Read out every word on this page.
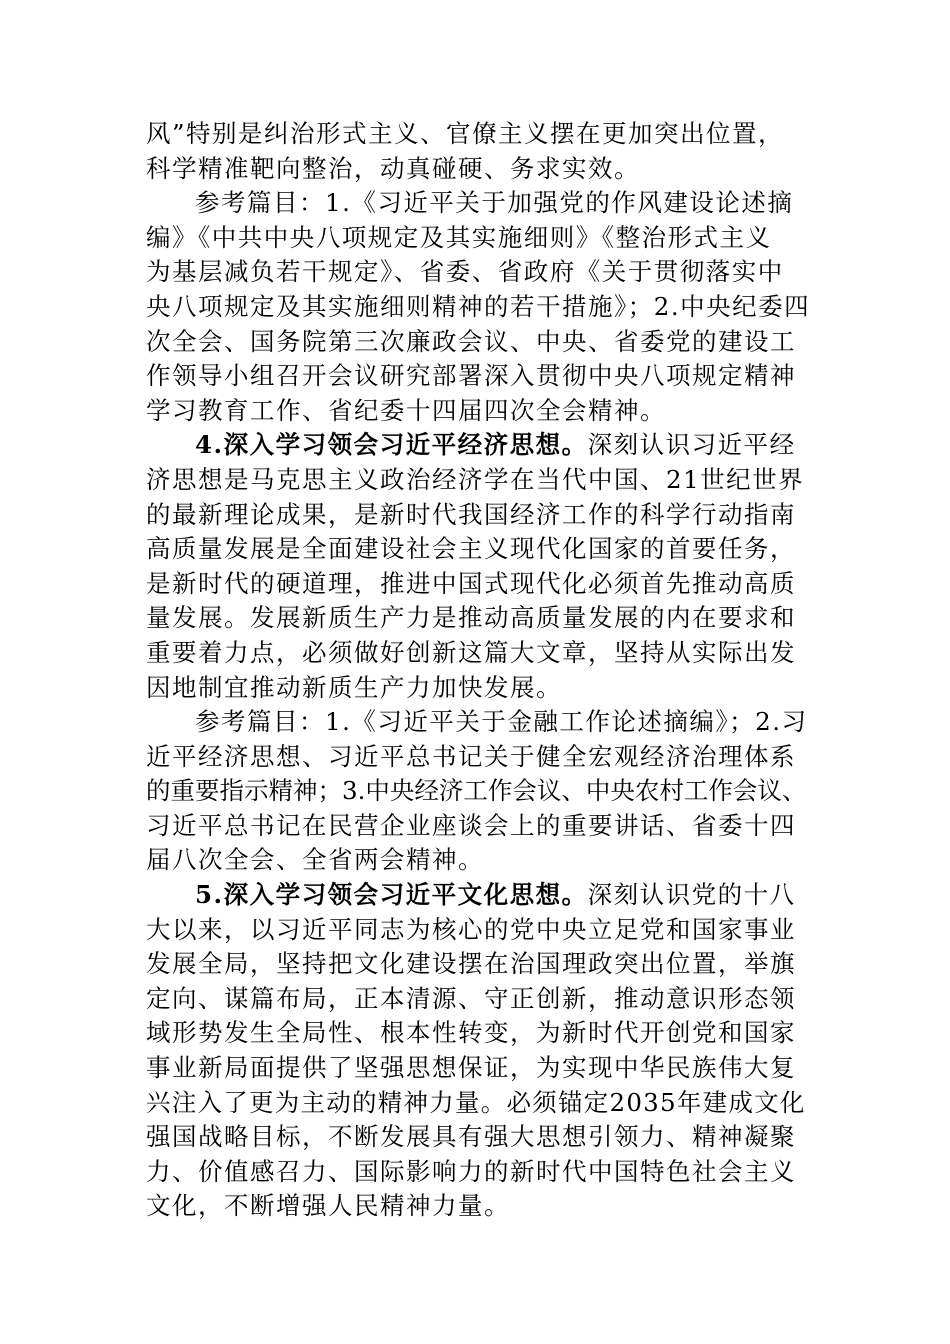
风”特别是纠治形式主义、官僚主义摆在更加突出位置，
科学精准靶向整治，动真碰硬、务求实效。
参考篇目：1.《习近平关于加强党的作风建设论述摘
编》《中共中央八项规定及其实施细则》《整治形式主义
为基层减负若干规定》、省委、省政府《关于贯彻落实中
央八项规定及其实施细则精神的若干措施》；2.中央纪委四
次全会、国务院第三次廉政会议、中央、省委党的建设工
作领导小组召开会议研究部署深入贯彻中央八项规定精神
学习教育工作、省纪委十四届四次全会精神。
4.深入学习领会习近平经济思想。深刻认识习近平经
济思想是马克思主义政治经济学在当代中国、21世纪世界
的最新理论成果，是新时代我国经济工作的科学行动指南
高质量发展是全面建设社会主义现代化国家的首要任务，
是新时代的硬道理，推进中国式现代化必须首先推动高质
量发展。发展新质生产力是推动高质量发展的内在要求和
重要着力点，必须做好创新这篇大文章，坚持从实际出发
因地制宜推动新质生产力加快发展。
参考篇目：1.《习近平关于金融工作论述摘编》；2.习
近平经济思想、习近平总书记关于健全宏观经济治理体系
的重要指示精神；3.中央经济工作会议、中央农村工作会议、
习近平总书记在民营企业座谈会上的重要讲话、省委十四
届八次全会、全省两会精神。
5.深入学习领会习近平文化思想。深刻认识党的十八
大以来，以习近平同志为核心的党中央立足党和国家事业
发展全局，坚持把文化建设摆在治国理政突出位置，举旗
定向、谋篇布局，正本清源、守正创新，推动意识形态领
域形势发生全局性、根本性转变，为新时代开创党和国家
事业新局面提供了坚强思想保证，为实现中华民族伟大复
兴注入了更为主动的精神力量。必须锚定2035年建成文化
强国战略目标，不断发展具有强大思想引领力、精神凝聚
力、价值感召力、国际影响力的新时代中国特色社会主义
文化，不断增强人民精神力量。
